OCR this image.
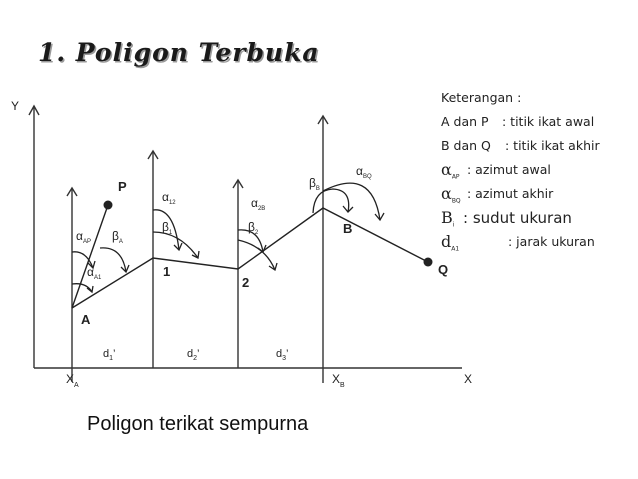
1. Poligon Terbuka
A
P
1
2
B
Q
Y
X
$X_A$	$X_B$
$d_1$’	$d_2$’	$d_3$’
$\alpha_{AP}$
$\alpha_{A1}$
$\beta_A$
$\alpha_{12}$
$\beta_1$	$\beta_2$
$\alpha_{2B}$
$\beta_B$
$\alpha_{BQ}$
Keterangan :
A dan P : titik ikat awal
B dan Q : titik ikat akhir
$\alpha_{AP}$ : azimut awal
$\alpha_{BQ}$ : azimut akhir
$B_i$ : sudut ukuran
$d_{A1}$	: jarak ukuran
Poligon terikat sempurna
